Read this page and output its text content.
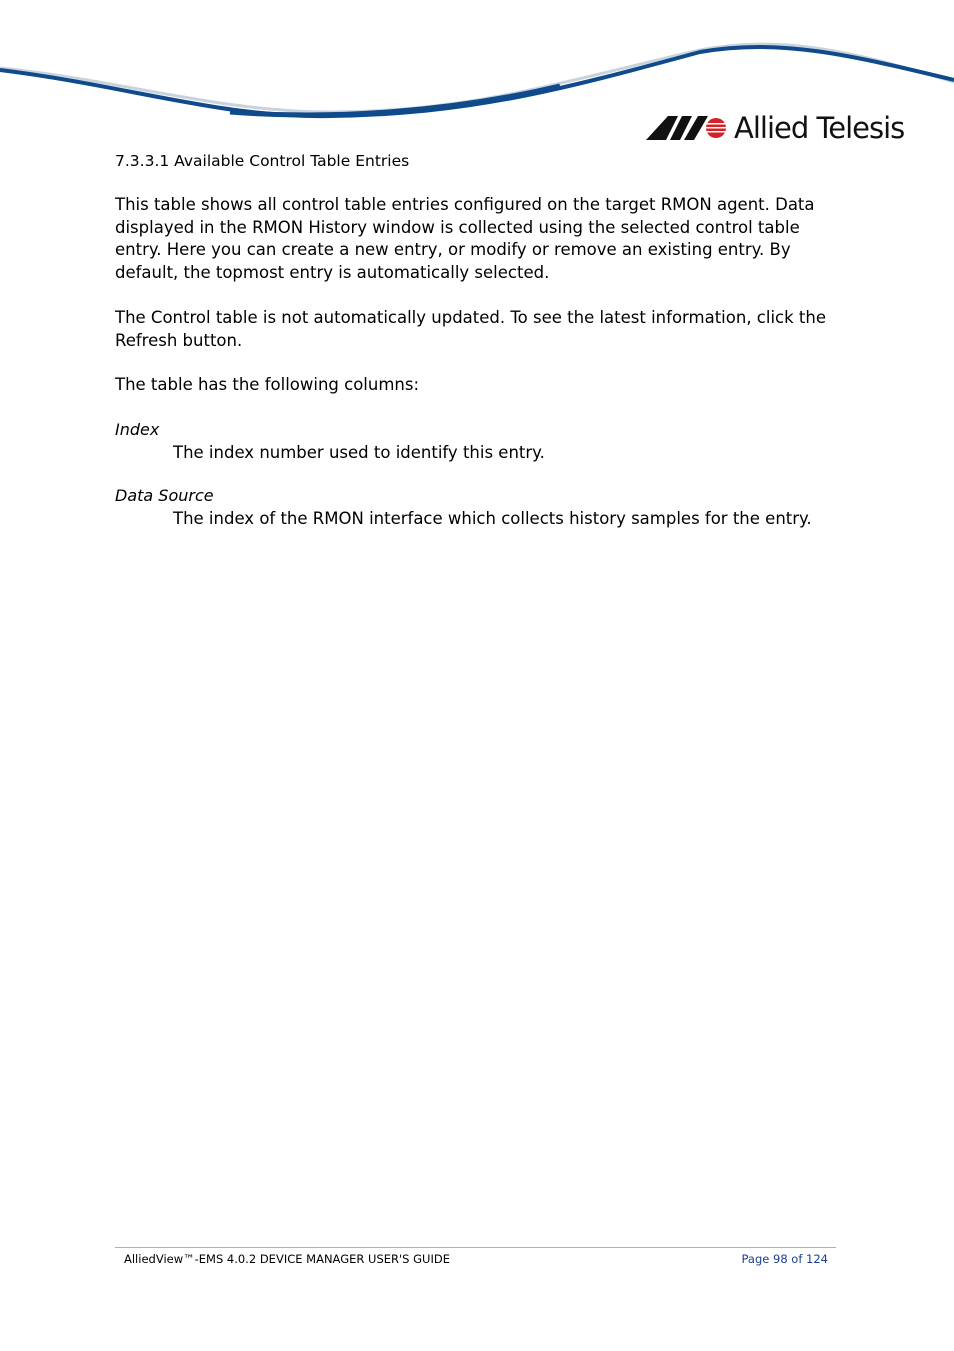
Allied Telesis
7.3.3.1 Available Control Table Entries

This table shows all control table entries configured on the target RMON agent. Data displayed in the RMON History window is collected using the selected control table entry. Here you can create a new entry, or modify or remove an existing entry. By default, the topmost entry is automatically selected.

The Control table is not automatically updated. To see the latest information, click the Refresh button.

The table has the following columns:

Index
The index number used to identify this entry.
Data Source
The index of the RMON interface which collects history samples for the entry.
AlliedView™-EMS 4.0.2 DEVICE MANAGER USER'S GUIDE	Page 98 of 124
